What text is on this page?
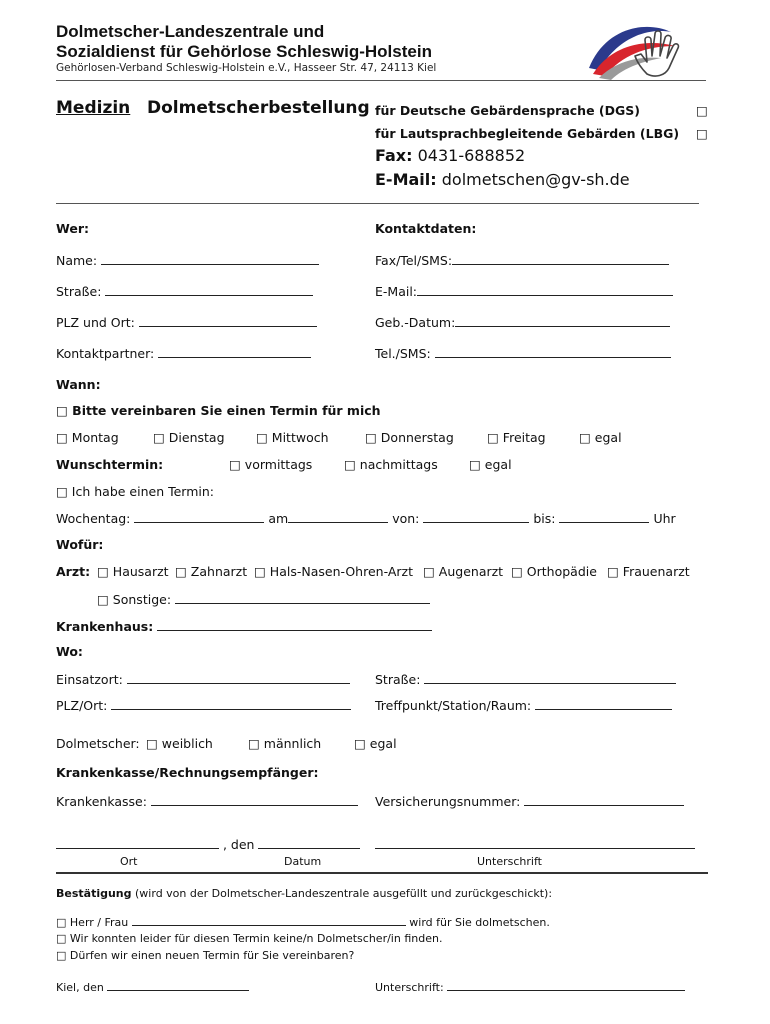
Dolmetscher-Landeszentrale und
Sozialdienst für Gehörlose Schleswig-Holstein
Gehörlosen-Verband Schleswig-Holstein e.V., Hasseer Str. 47, 24113 Kiel
Medizin Dolmetscherbestellung für Deutsche Gebärdensprache (DGS)	□
für Lautsprachbegleitende Gebärden (LBG) □
Fax: 0431-688852
E-Mail: dolmetschen@gv-sh.de
Wer:	Kontaktdaten:
Name:	Fax/Tel/SMS:
Straße:	E-Mail:
PLZ und Ort:	Geb.-Datum:
Kontaktpartner:	Tel./SMS:
Wann:
□ Bitte vereinbaren Sie einen Termin für mich
□ Montag	□ Dienstag	□ Mittwoch	□ Donnerstag	□ Freitag	□ egal
Wunschtermin:	□ vormittags	□ nachmittags	□ egal
□ Ich habe einen Termin:
Wochentag:	am	von:	bis:	Uhr
Wofür:
Arzt: □ Hausarzt □ Zahnarzt □ Hals-Nasen-Ohren-Arzt □ Augenarzt □ Orthopädie □ Frauenarzt
□ Sonstige:
Krankenhaus:
Wo:
Einsatzort:	Straße:
PLZ/Ort:	Treffpunkt/Station/Raum:
Dolmetscher: □ weiblich	□ männlich	□ egal
Krankenkasse/Rechnungsempfänger:
Krankenkasse:	Versicherungsnummer:
, den
Ort	Datum	Unterschrift
Bestätigung (wird von der Dolmetscher-Landeszentrale ausgefüllt und zurückgeschickt):
□ Herr / Frau	wird für Sie dolmetschen.
□ Wir konnten leider für diesen Termin keine/n Dolmetscher/in finden.
□ Dürfen wir einen neuen Termin für Sie vereinbaren?
Kiel, den	Unterschrift:
